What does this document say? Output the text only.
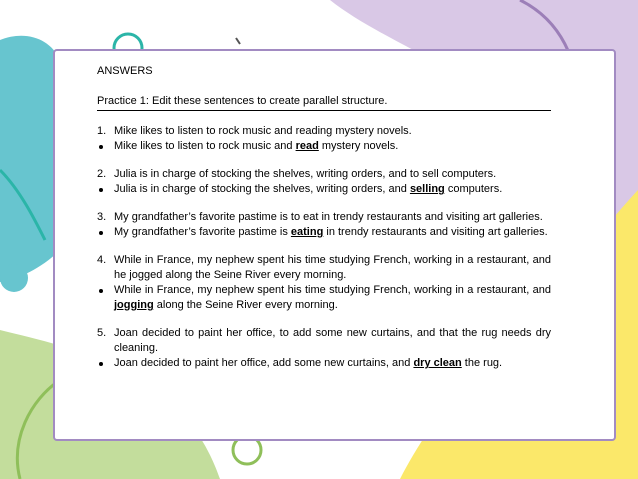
ANSWERS
Practice 1: Edit these sentences to create parallel structure.
1. Mike likes to listen to rock music and reading mystery novels.
Mike likes to listen to rock music and read mystery novels.
2. Julia is in charge of stocking the shelves, writing orders, and to sell computers.
Julia is in charge of stocking the shelves, writing orders, and selling computers.
3. My grandfather’s favorite pastime is to eat in trendy restaurants and visiting art galleries.
My grandfather’s favorite pastime is eating in trendy restaurants and visiting art galleries.
4. While in France, my nephew spent his time studying French, working in a restaurant, and he jogged along the Seine River every morning.
While in France, my nephew spent his time studying French, working in a restaurant, and jogging along the Seine River every morning.
5. Joan decided to paint her office, to add some new curtains, and that the rug needs dry cleaning.
Joan decided to paint her office, add some new curtains, and dry clean the rug.
